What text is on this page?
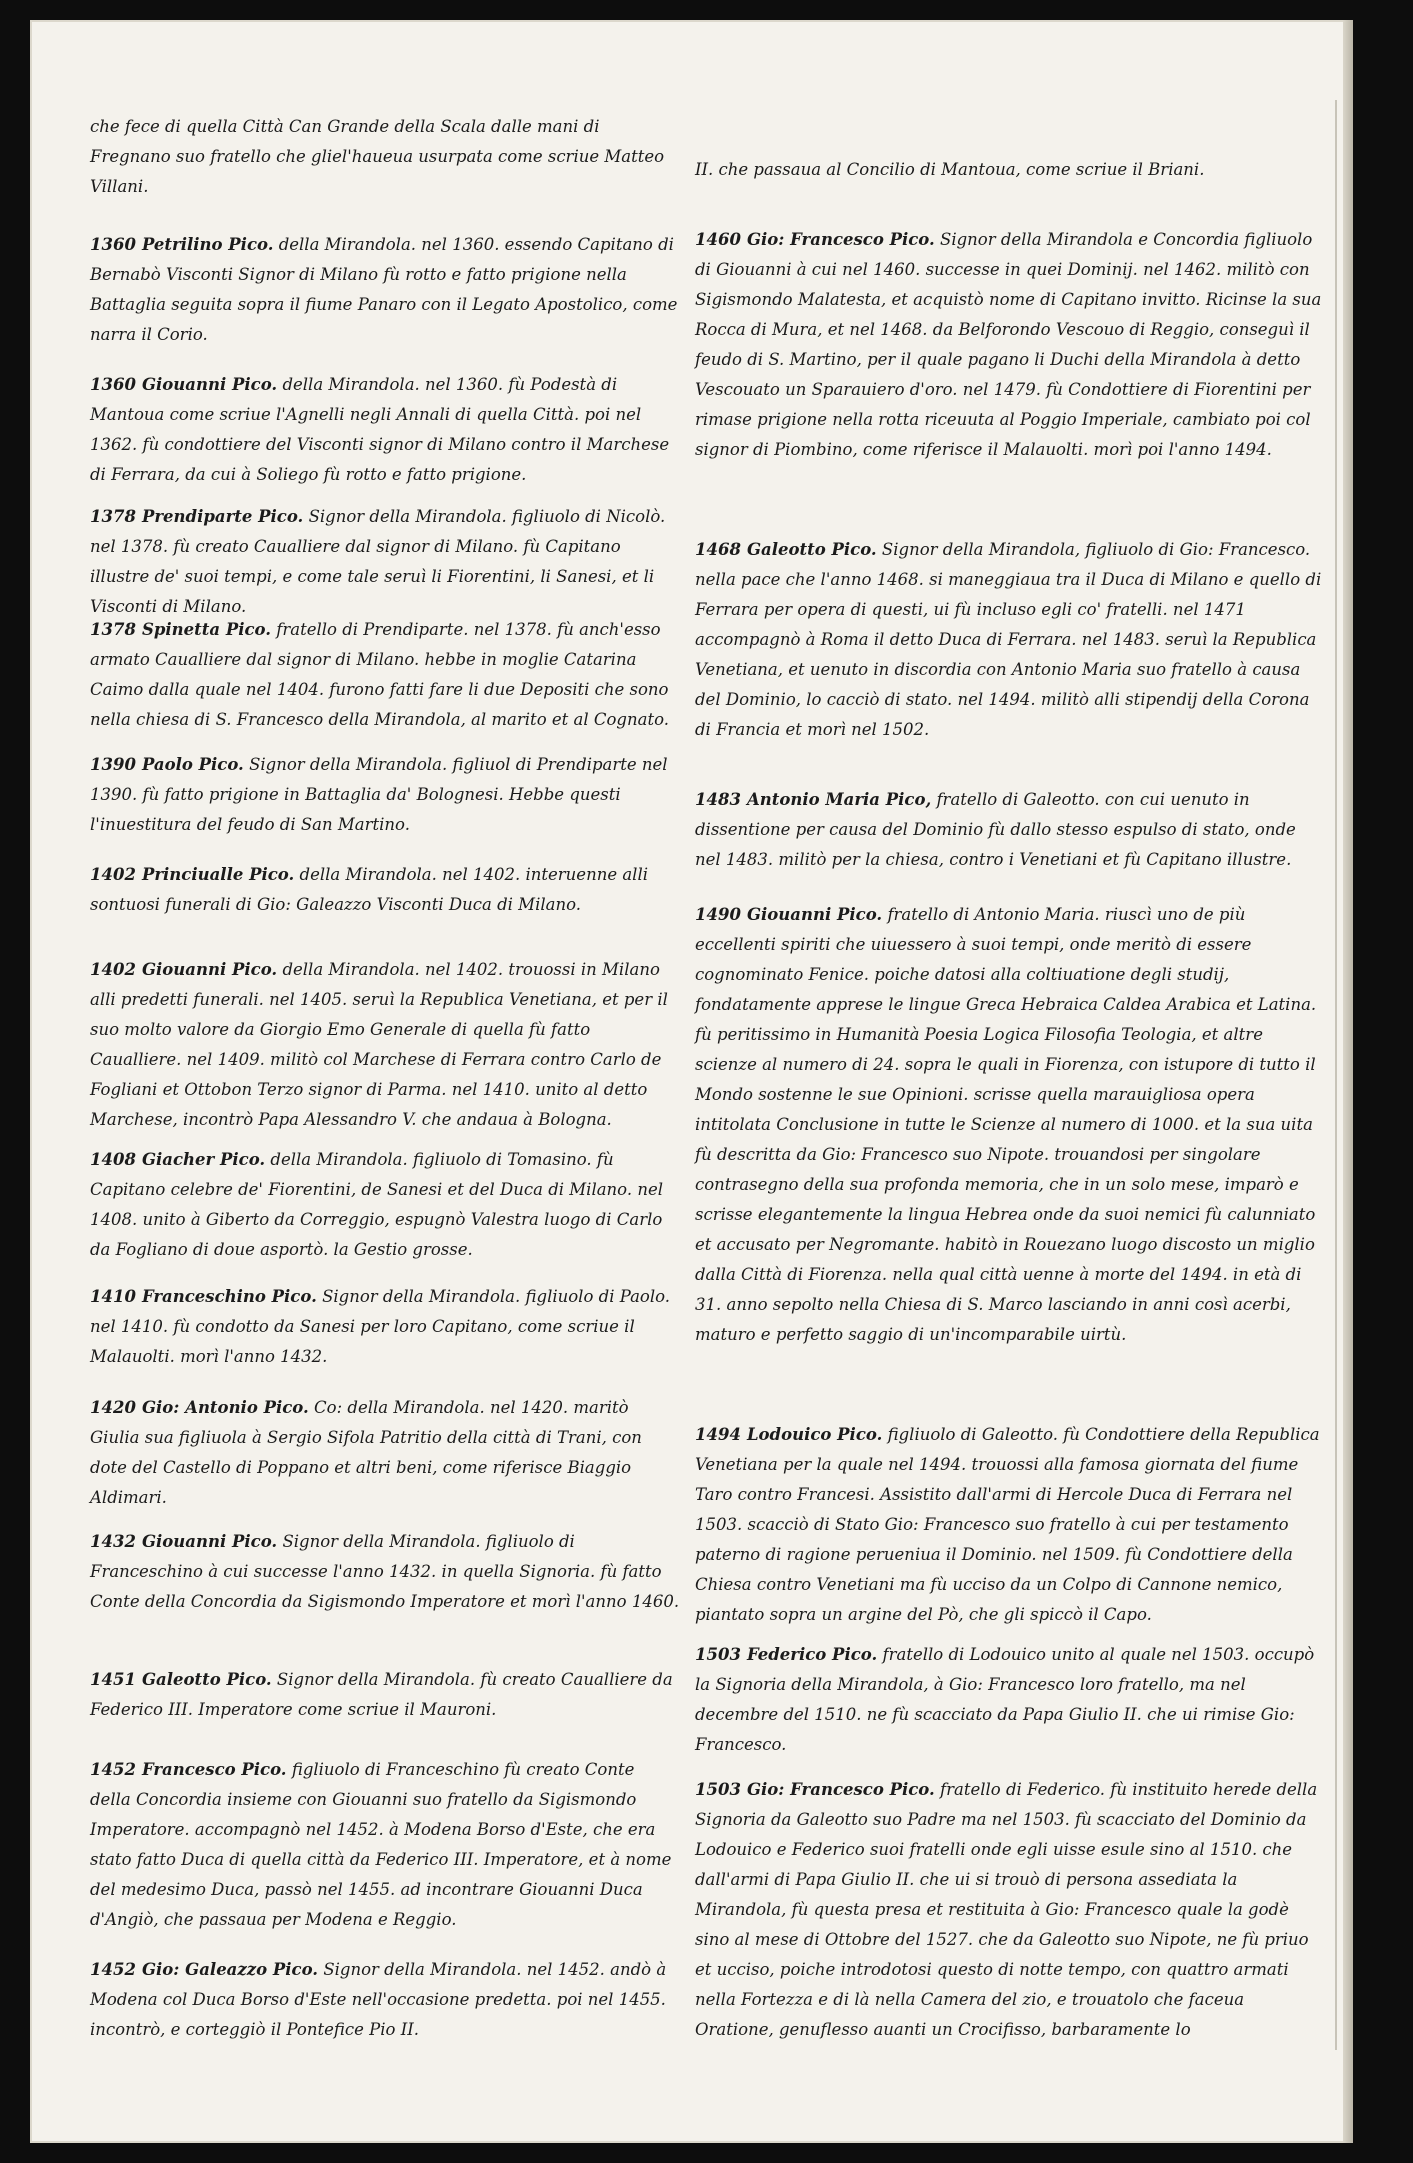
che fece di quella Città Can Grande della Scala dalle mani di Fregnano suo fratello che gliel'haueua usurpata come scriue Matteo Villani.
1360 Petrilino Pico. della Mirandola. nel 1360. essendo Capitano di Bernabò Visconti Signor di Milano fù rotto e fatto prigione nella Battaglia seguita sopra il fiume Panaro con il Legato Apostolico, come narra il Corio.
1360 Giouanni Pico. della Mirandola. nel 1360. fù Podestà di Mantoua come scriue l'Agnelli negli Annali di quella Città. poi nel 1362. fù condottiere del Visconti signor di Milano contro il Marchese di Ferrara, da cui à Soliego fù rotto e fatto prigione.
1378 Prendiparte Pico. Signor della Mirandola. figliuolo di Nicolò. nel 1378. fù creato Caualliere dal signor di Milano. fù Capitano illustre de' suoi tempi, e come tale seruì li Fiorentini, li Sanesi, et li Visconti di Milano.
1378 Spinetta Pico. fratello di Prendiparte. nel 1378. fù anch'esso armato Caualliere dal signor di Milano. hebbe in moglie Catarina Caimo dalla quale nel 1404. furono fatti fare li due Depositi che sono nella chiesa di S. Francesco della Mirandola, al marito et al Cognato.
1390 Paolo Pico. Signor della Mirandola. figliuol di Prendiparte nel 1390. fù fatto prigione in Battaglia da' Bolognesi. Hebbe questi l'inuestitura del feudo di San Martino.
1402 Princiualle Pico. della Mirandola. nel 1402. interuenne alli sontuosi funerali di Gio: Galeazzo Visconti Duca di Milano.
1402 Giouanni Pico. della Mirandola. nel 1402. trouossi in Milano alli predetti funerali. nel 1405. seruì la Republica Venetiana, et per il suo molto valore da Giorgio Emo Generale di quella fù fatto Caualliere. nel 1409. militò col Marchese di Ferrara contro Carlo de Fogliani et Ottobon Terzo signor di Parma. nel 1410. unito al detto Marchese, incontrò Papa Alessandro V. che andaua à Bologna.
1408 Giacher Pico. della Mirandola. figliuolo di Tomasino. fù Capitano celebre de' Fiorentini, de Sanesi et del Duca di Milano. nel 1408. unito à Giberto da Correggio, espugnò Valestra luogo di Carlo da Fogliano di doue asportò. la Gestio grosse.
1410 Franceschino Pico. Signor della Mirandola. figliuolo di Paolo. nel 1410. fù condotto da Sanesi per loro Capitano, come scriue il Malauolti. morì l'anno 1432.
1420 Gio: Antonio Pico. Co: della Mirandola. nel 1420. maritò Giulia sua figliuola à Sergio Sifola Patritio della città di Trani, con dote del Castello di Poppano et altri beni, come riferisce Biaggio Aldimari.
1432 Giouanni Pico. Signor della Mirandola. figliuolo di Franceschino à cui successe l'anno 1432. in quella Signoria. fù fatto Conte della Concordia da Sigismondo Imperatore et morì l'anno 1460.
1451 Galeotto Pico. Signor della Mirandola. fù creato Caualliere da Federico III. Imperatore come scriue il Mauroni.
1452 Francesco Pico. figliuolo di Franceschino fù creato Conte della Concordia insieme con Giouanni suo fratello da Sigismondo Imperatore. accompagnò nel 1452. à Modena Borso d'Este, che era stato fatto Duca di quella città da Federico III. Imperatore, et à nome del medesimo Duca, passò nel 1455. ad incontrare Giouanni Duca d'Angiò, che passaua per Modena e Reggio.
1452 Gio: Galeazzo Pico. Signor della Mirandola. nel 1452. andò à Modena col Duca Borso d'Este nell'occasione predetta. poi nel 1455. incontrò, e corteggiò il Pontefice Pio II.
II. che passaua al Concilio di Mantoua, come scriue il Briani.
1460 Gio: Francesco Pico. Signor della Mirandola e Concordia figliuolo di Giouanni à cui nel 1460. successe in quei Dominij. nel 1462. militò con Sigismondo Malatesta, et acquistò nome di Capitano invitto. Ricinse la sua Rocca di Mura, et nel 1468. da Belforondo Vescouo di Reggio, conseguì il feudo di S. Martino, per il quale pagano li Duchi della Mirandola à detto Vescouato un Sparauiero d'oro. nel 1479. fù Condottiere di Fiorentini per rimase prigione nella rotta riceuuta al Poggio Imperiale, cambiato poi col signor di Piombino, come riferisce il Malauolti. morì poi l'anno 1494.
1468 Galeotto Pico. Signor della Mirandola, figliuolo di Gio: Francesco. nella pace che l'anno 1468. si maneggiaua tra il Duca di Milano e quello di Ferrara per opera di questi, ui fù incluso egli co' fratelli. nel 1471 accompagnò à Roma il detto Duca di Ferrara. nel 1483. seruì la Republica Venetiana, et uenuto in discordia con Antonio Maria suo fratello à causa del Dominio, lo cacciò di stato. nel 1494. militò alli stipendij della Corona di Francia et morì nel 1502.
1483 Antonio Maria Pico, fratello di Galeotto. con cui uenuto in dissentione per causa del Dominio fù dallo stesso espulso di stato, onde nel 1483. militò per la chiesa, contro i Venetiani et fù Capitano illustre.
1490 Giouanni Pico. fratello di Antonio Maria. riuscì uno de più eccellenti spiriti che uiuessero à suoi tempi, onde meritò di essere cognominato Fenice. poiche datosi alla coltiuatione degli studij, fondatamente apprese le lingue Greca Hebraica Caldea Arabica et Latina. fù peritissimo in Humanità Poesia Logica Filosofia Teologia, et altre scienze al numero di 24. sopra le quali in Fiorenza, con istupore di tutto il Mondo sostenne le sue Opinioni. scrisse quella marauigliosa opera intitolata Conclusione in tutte le Scienze al numero di 1000. et la sua uita fù descritta da Gio: Francesco suo Nipote. trouandosi per singolare contrasegno della sua profonda memoria, che in un solo mese, imparò e scrisse elegantemente la lingua Hebrea onde da suoi nemici fù calunniato et accusato per Negromante. habitò in Rouezano luogo discosto un miglio dalla Città di Fiorenza. nella qual città uenne à morte del 1494. in età di 31. anno sepolto nella Chiesa di S. Marco lasciando in anni così acerbi, maturo e perfetto saggio di un'incomparabile uirtù.
1494 Lodouico Pico. figliuolo di Galeotto. fù Condottiere della Republica Venetiana per la quale nel 1494. trouossi alla famosa giornata del fiume Taro contro Francesi. Assistito dall'armi di Hercole Duca di Ferrara nel 1503. scacciò di Stato Gio: Francesco suo fratello à cui per testamento paterno di ragione perueniua il Dominio. nel 1509. fù Condottiere della Chiesa contro Venetiani ma fù ucciso da un Colpo di Cannone nemico, piantato sopra un argine del Pò, che gli spiccò il Capo.
1503 Federico Pico. fratello di Lodouico unito al quale nel 1503. occupò la Signoria della Mirandola, à Gio: Francesco loro fratello, ma nel decembre del 1510. ne fù scacciato da Papa Giulio II. che ui rimise Gio: Francesco.
1503 Gio: Francesco Pico. fratello di Federico. fù instituito herede della Signoria da Galeotto suo Padre ma nel 1503. fù scacciato del Dominio da Lodouico e Federico suoi fratelli onde egli uisse esule sino al 1510. che dall'armi di Papa Giulio II. che ui si trouò di persona assediata la Mirandola, fù questa presa et restituita à Gio: Francesco quale la godè sino al mese di Ottobre del 1527. che da Galeotto suo Nipote, ne fù priuo et ucciso, poiche introdotosi questo di notte tempo, con quattro armati nella Fortezza e di là nella Camera del zio, e trouatolo che faceua Oratione, genuflesso auanti un Crocifisso, barbaramente lo
